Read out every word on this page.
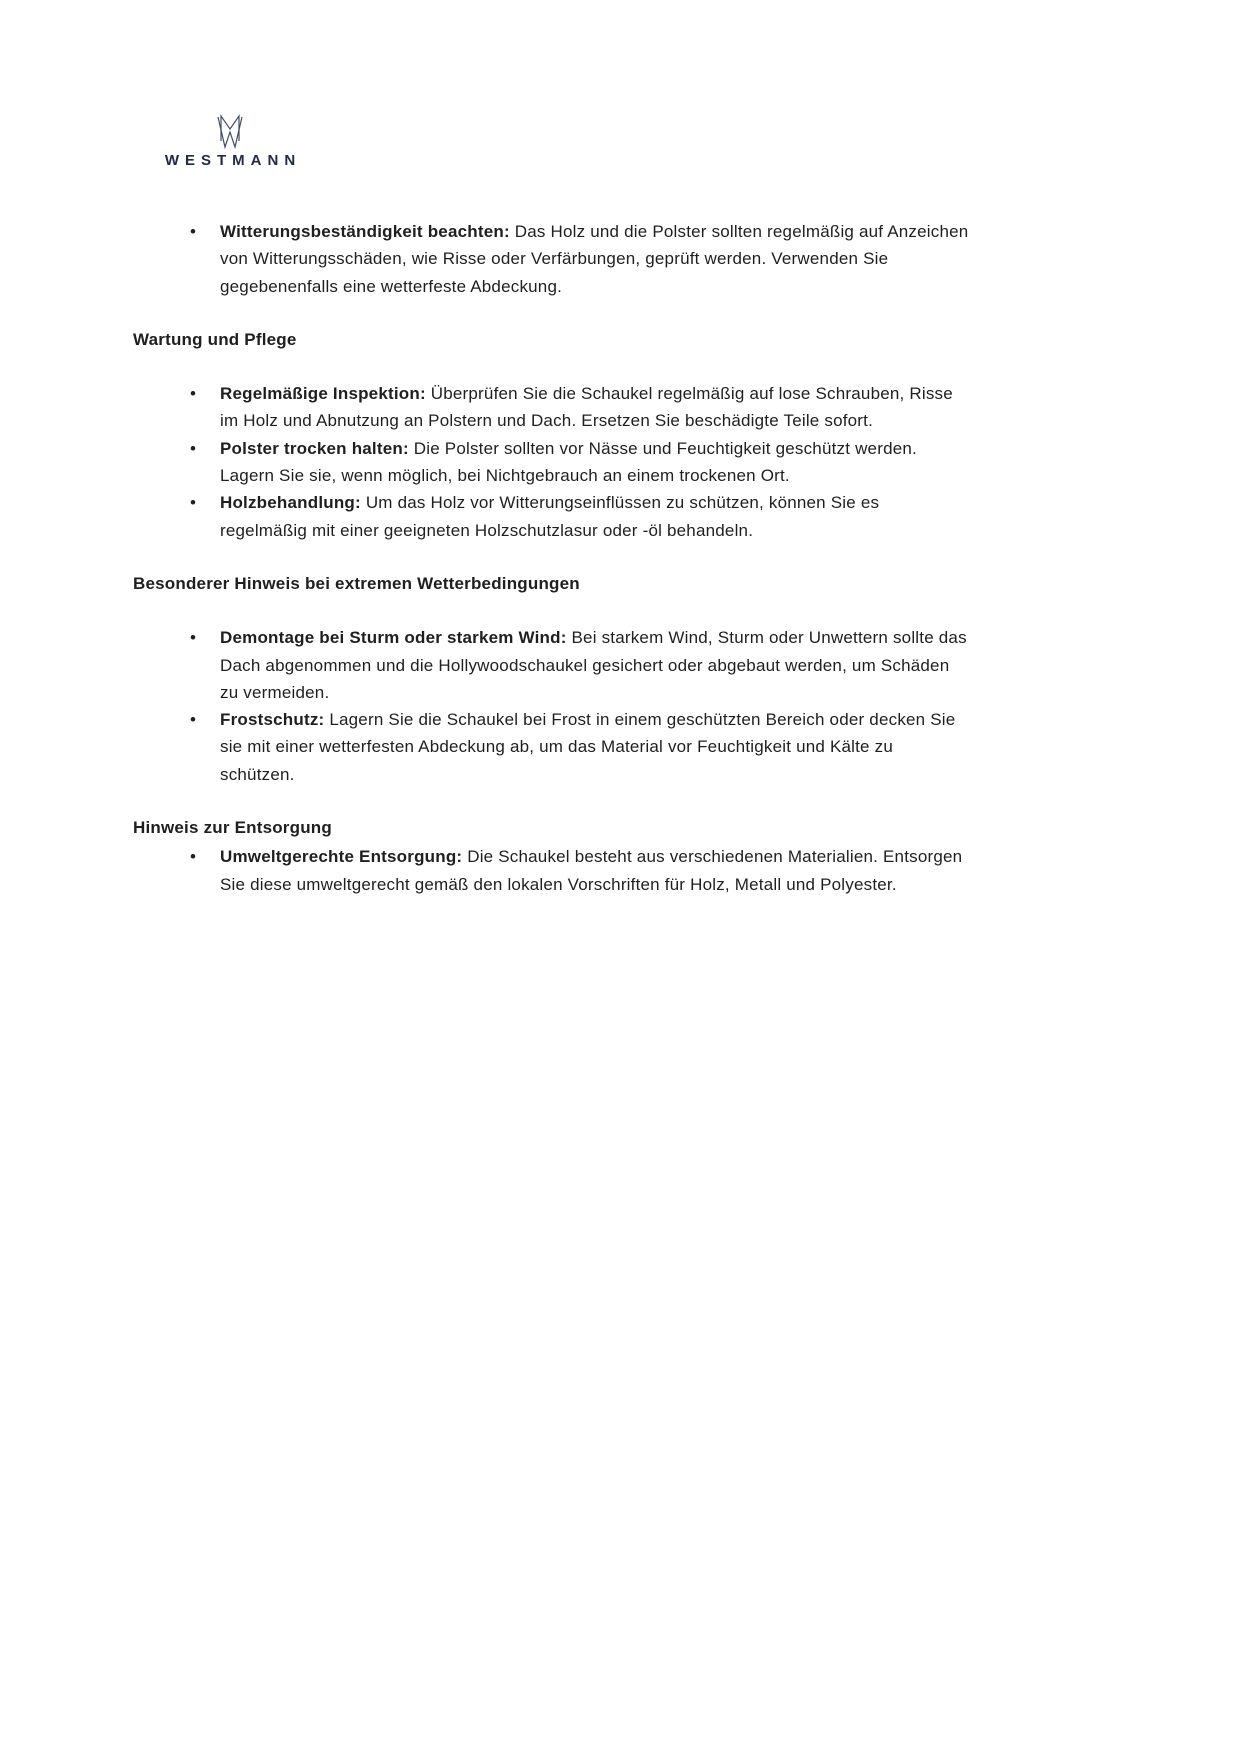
WESTMANN
• Witterungsbeständigkeit beachten: Das Holz und die Polster sollten regelmäßig auf Anzeichen von Witterungsschäden, wie Risse oder Verfärbungen, geprüft werden. Verwenden Sie gegebenenfalls eine wetterfeste Abdeckung.
Wartung und Pflege
• Regelmäßige Inspektion: Überprüfen Sie die Schaukel regelmäßig auf lose Schrauben, Risse im Holz und Abnutzung an Polstern und Dach. Ersetzen Sie beschädigte Teile sofort.
• Polster trocken halten: Die Polster sollten vor Nässe und Feuchtigkeit geschützt werden. Lagern Sie sie, wenn möglich, bei Nichtgebrauch an einem trockenen Ort.
• Holzbehandlung: Um das Holz vor Witterungseinflüssen zu schützen, können Sie es regelmäßig mit einer geeigneten Holzschutzlasur oder -öl behandeln.
Besonderer Hinweis bei extremen Wetterbedingungen
• Demontage bei Sturm oder starkem Wind: Bei starkem Wind, Sturm oder Unwettern sollte das Dach abgenommen und die Hollywoodschaukel gesichert oder abgebaut werden, um Schäden zu vermeiden.
• Frostschutz: Lagern Sie die Schaukel bei Frost in einem geschützten Bereich oder decken Sie sie mit einer wetterfesten Abdeckung ab, um das Material vor Feuchtigkeit und Kälte zu schützen.
Hinweis zur Entsorgung
• Umweltgerechte Entsorgung: Die Schaukel besteht aus verschiedenen Materialien. Entsorgen Sie diese umweltgerecht gemäß den lokalen Vorschriften für Holz, Metall und Polyester.
